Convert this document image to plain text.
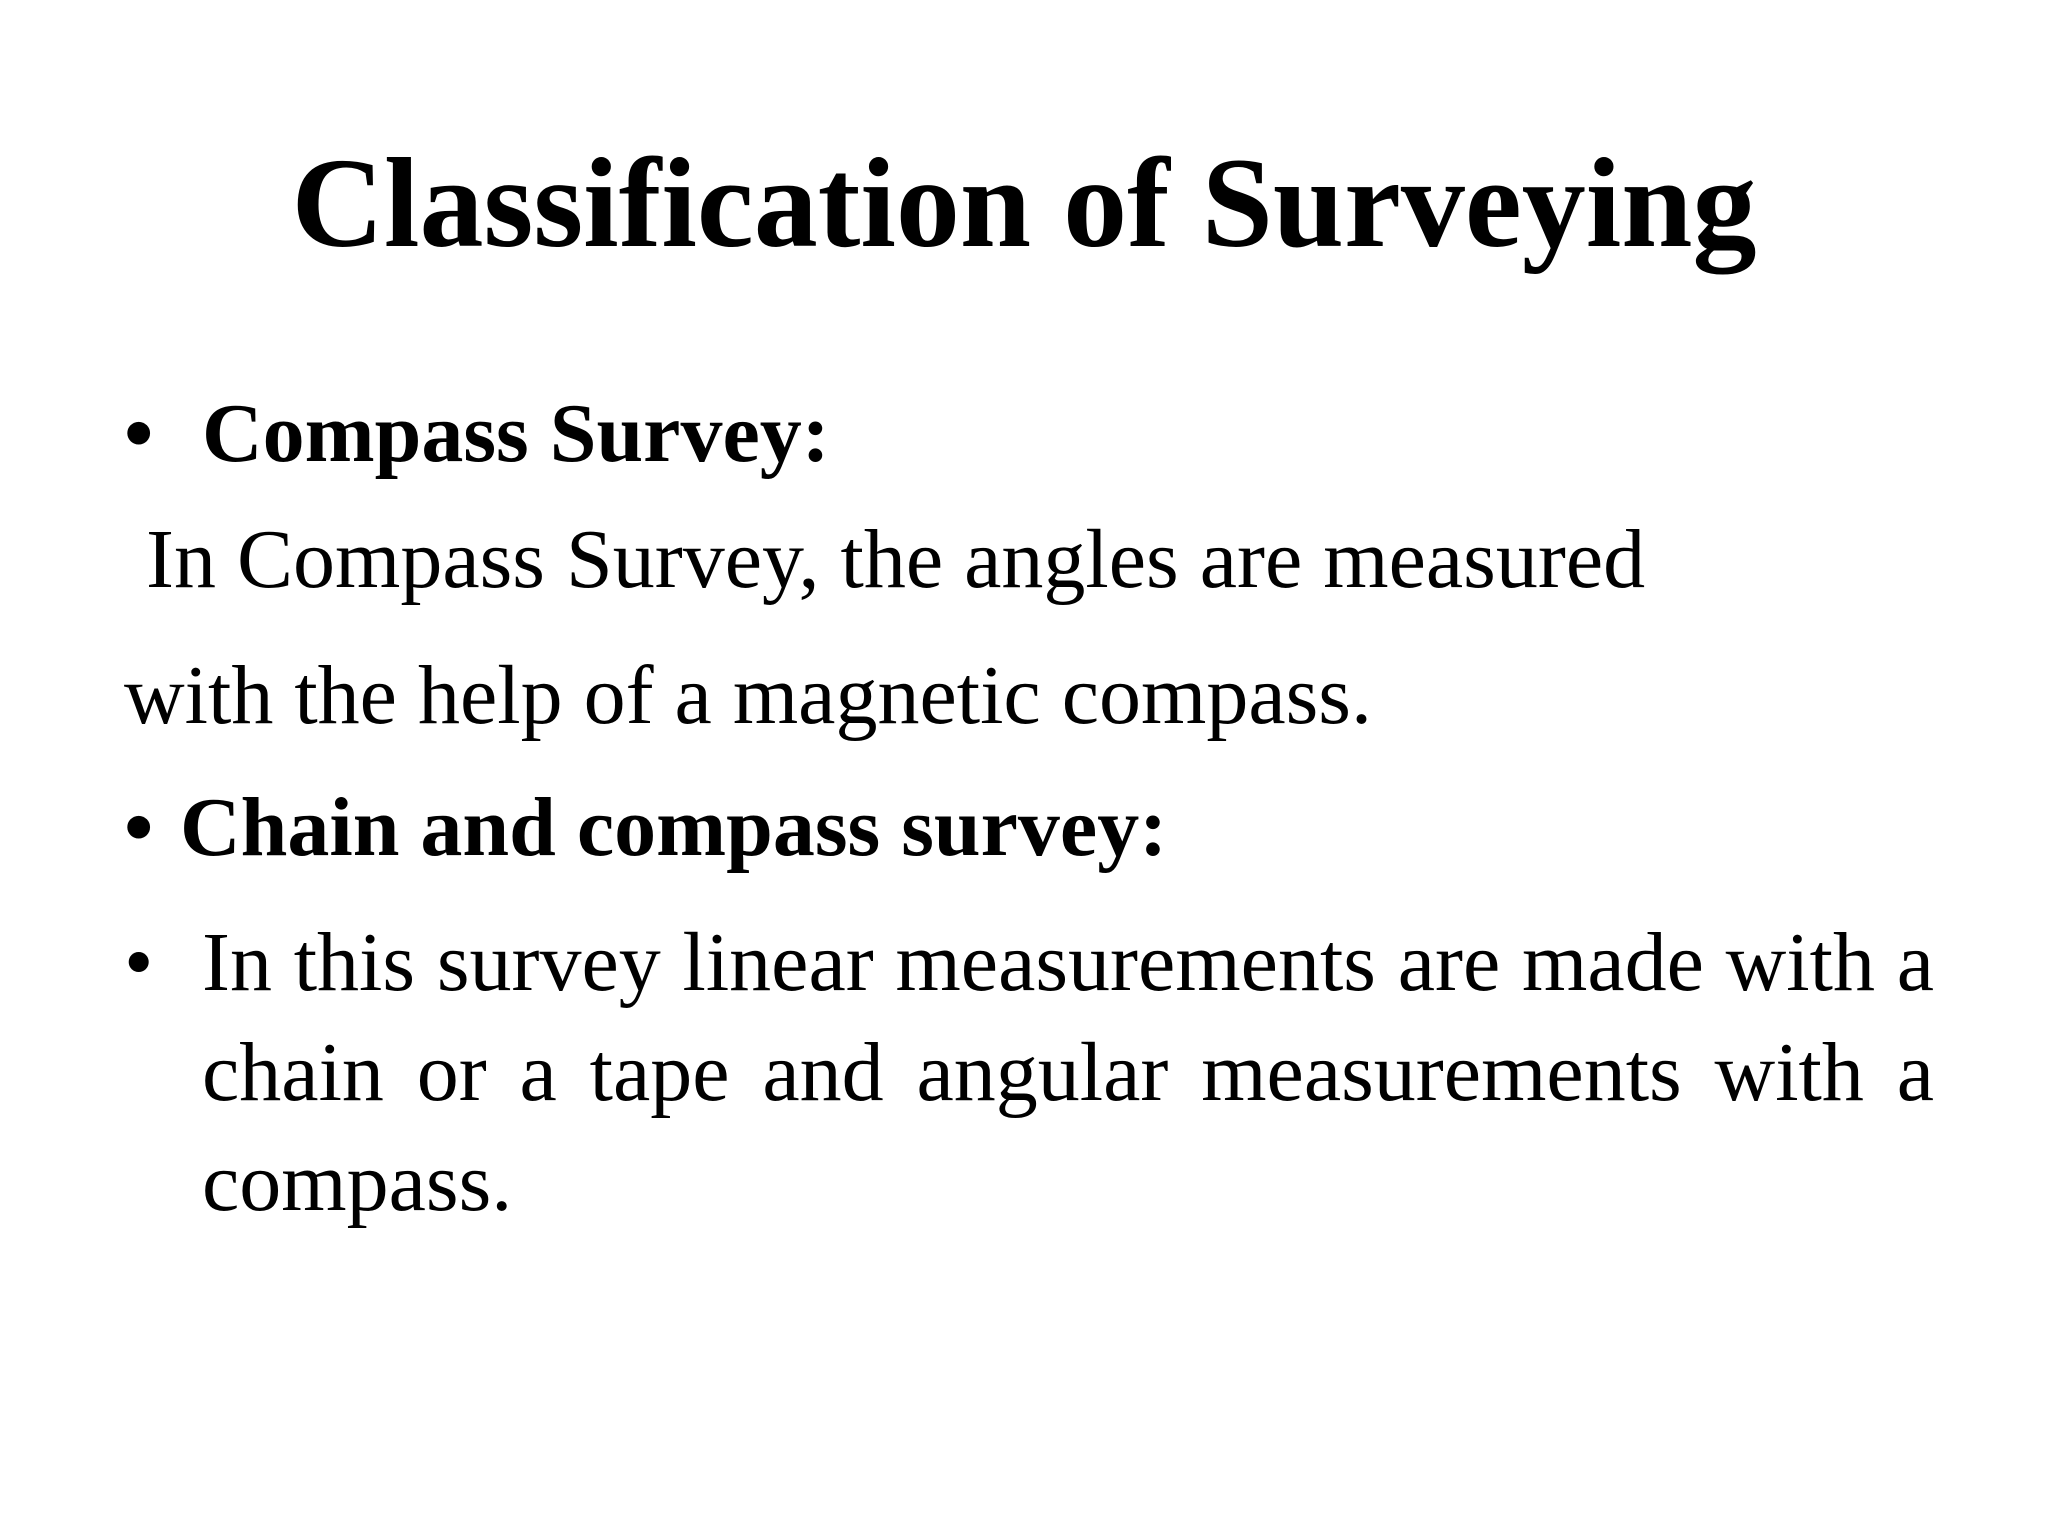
Classification of Surveying
• Compass Survey:
In Compass Survey, the angles are measured
with the help of a magnetic compass.
• Chain and compass survey:
• In this survey linear measurements are made with a chain or a tape and angular measurements with a compass.
